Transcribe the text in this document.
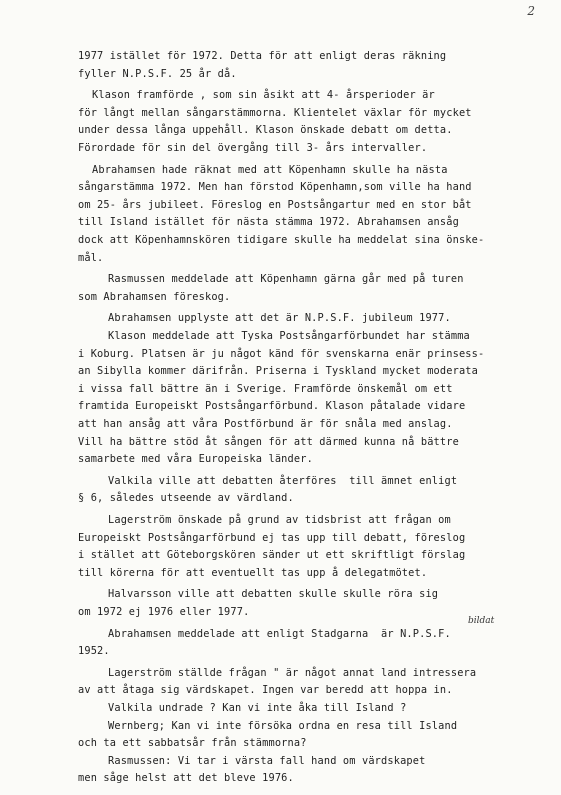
2
1977 istället för 1972. Detta för att enligt deras räkning
fyller N.P.S.F. 25 år då.
Klason framförde , som sin åsikt att 4- årsperioder är
för långt mellan sångarstämmorna. Klientelet växlar för mycket
under dessa långa uppehåll. Klason önskade debatt om detta.
Förordade för sin del övergång till 3- års intervaller.
Abrahamsen hade räknat med att Köpenhamn skulle ha nästa
sångarstämma 1972. Men han förstod Köpenhamn,som ville ha hand
om 25- års jubileet. Föreslog en Postsångartur med en stor båt
till Island istället för nästa stämma 1972. Abrahamsen ansåg
dock att Köpenhamnskören tidigare skulle ha meddelat sina önske-
mål.
Rasmussen meddelade att Köpenhamn gärna går med på turen
som Abrahamsen föreskog.
Abrahamsen upplyste att det är N.P.S.F. jubileum 1977.
Klason meddelade att Tyska Postsångarförbundet har stämma
i Koburg. Platsen är ju något känd för svenskarna enär prinsess-
an Sibylla kommer därifrån. Priserna i Tyskland mycket moderata
i vissa fall bättre än i Sverige. Framförde önskemål om ett
framtida Europeiskt Postsångarförbund. Klason påtalade vidare
att han ansåg att våra Postförbund är för snåla med anslag.
Vill ha bättre stöd åt sången för att därmed kunna nå bättre
samarbete med våra Europeiska länder.
Valkila ville att debatten återföres  till ämnet enligt
§ 6, således utseende av värdland.
Lagerström önskade på grund av tidsbrist att frågan om
Europeiskt Postsångarförbund ej tas upp till debatt, föreslog
i stället att Göteborgskören sänder ut ett skriftligt förslag
till körerna för att eventuellt tas upp å delegatmötet.
Halvarsson ville att debatten skulle skulle röra sig
om 1972 ej 1976 eller 1977.
Abrahamsen meddelade att enligt Stadgarna  är N.P.S.F.
1952.
bildat
Lagerström ställde frågan " är något annat land intressera
av att åtaga sig värdskapet. Ingen var beredd att hoppa in.
Valkila undrade ? Kan vi inte åka till Island ?
Wernberg; Kan vi inte försöka ordna en resa till Island
och ta ett sabbatsår från stämmorna?
Rasmussen: Vi tar i värsta fall hand om värdskapet
men såge helst att det bleve 1976.
